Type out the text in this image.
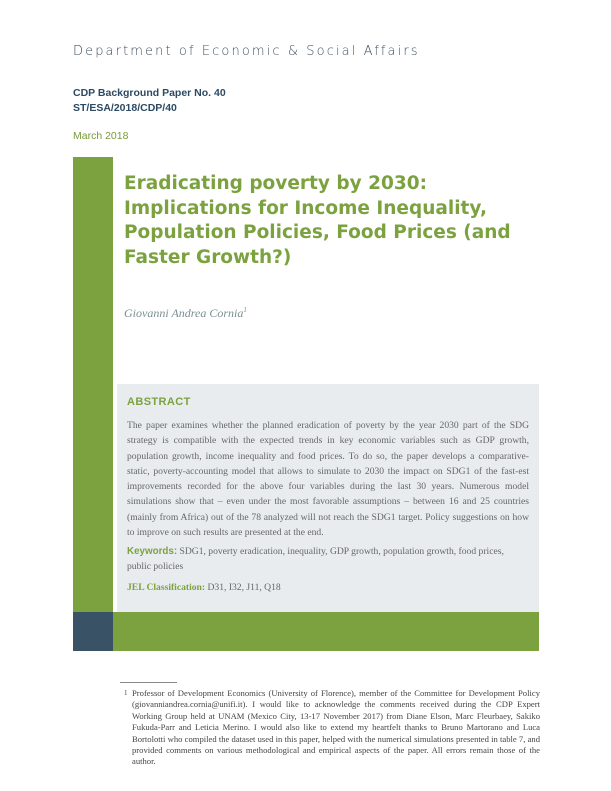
Department of Economic & Social Affairs
CDP Background Paper No. 40
ST/ESA/2018/CDP/40
March 2018
Eradicating poverty by 2030: Implications for Income Inequality, Population Policies, Food Prices (and Faster Growth?)
Giovanni Andrea Cornia$^1$
ABSTRACT
The paper examines whether the planned eradication of poverty by the year 2030 part of the SDG strategy is compatible with the expected trends in key economic variables such as GDP growth, population growth, income inequality and food prices. To do so, the paper develops a comparative-static, poverty-accounting model that allows to simulate to 2030 the impact on SDG1 of the fast-est improvements recorded for the above four variables during the last 30 years. Numerous model simulations show that – even under the most favorable assumptions – between 16 and 25 countries (mainly from Africa) out of the 78 analyzed will not reach the SDG1 target. Policy suggestions on how to improve on such results are presented at the end.
Keywords: SDG1, poverty eradication, inequality, GDP growth, population growth, food prices, public policies
JEL Classification: D31, I32, J11, Q18
1 Professor of Development Economics (University of Florence), member of the Committee for Development Policy (giovanniandrea.cornia@unifi.it). I would like to acknowledge the comments received during the CDP Expert Working Group held at UNAM (Mexico City, 13-17 November 2017) from Diane Elson, Marc Fleurbaey, Sakiko Fukuda-Parr and Leticia Merino. I would also like to extend my heartfelt thanks to Bruno Martorano and Luca Bortolotti who compiled the dataset used in this paper, helped with the numerical simulations presented in table 7, and provided comments on various methodological and empirical aspects of the paper. All errors remain those of the author.
